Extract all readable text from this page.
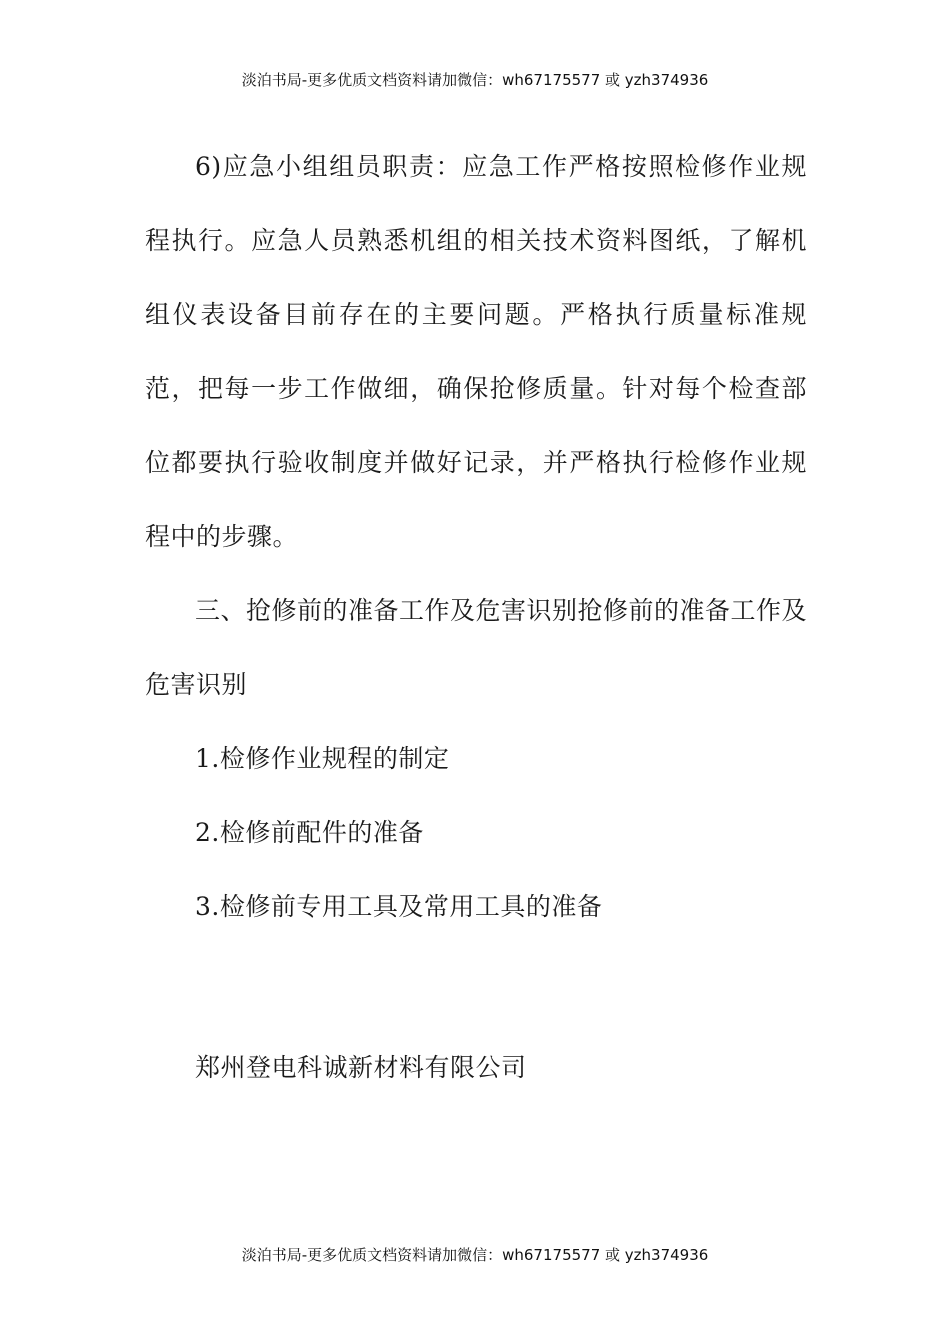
淡泊书局-更多优质文档资料请加微信：wh67175577 或 yzh374936

6)应急小组组员职责：应急工作严格按照检修作业规程执行。应急人员熟悉机组的相关技术资料图纸，了解机组仪表设备目前存在的主要问题。严格执行质量标准规范，把每一步工作做细，确保抢修质量。针对每个检查部位都要执行验收制度并做好记录，并严格执行检修作业规程中的步骤。

三、抢修前的准备工作及危害识别抢修前的准备工作及危害识别

1.检修作业规程的制定

2.检修前配件的准备

3.检修前专用工具及常用工具的准备

郑州登电科诚新材料有限公司

淡泊书局-更多优质文档资料请加微信：wh67175577 或 yzh374936
